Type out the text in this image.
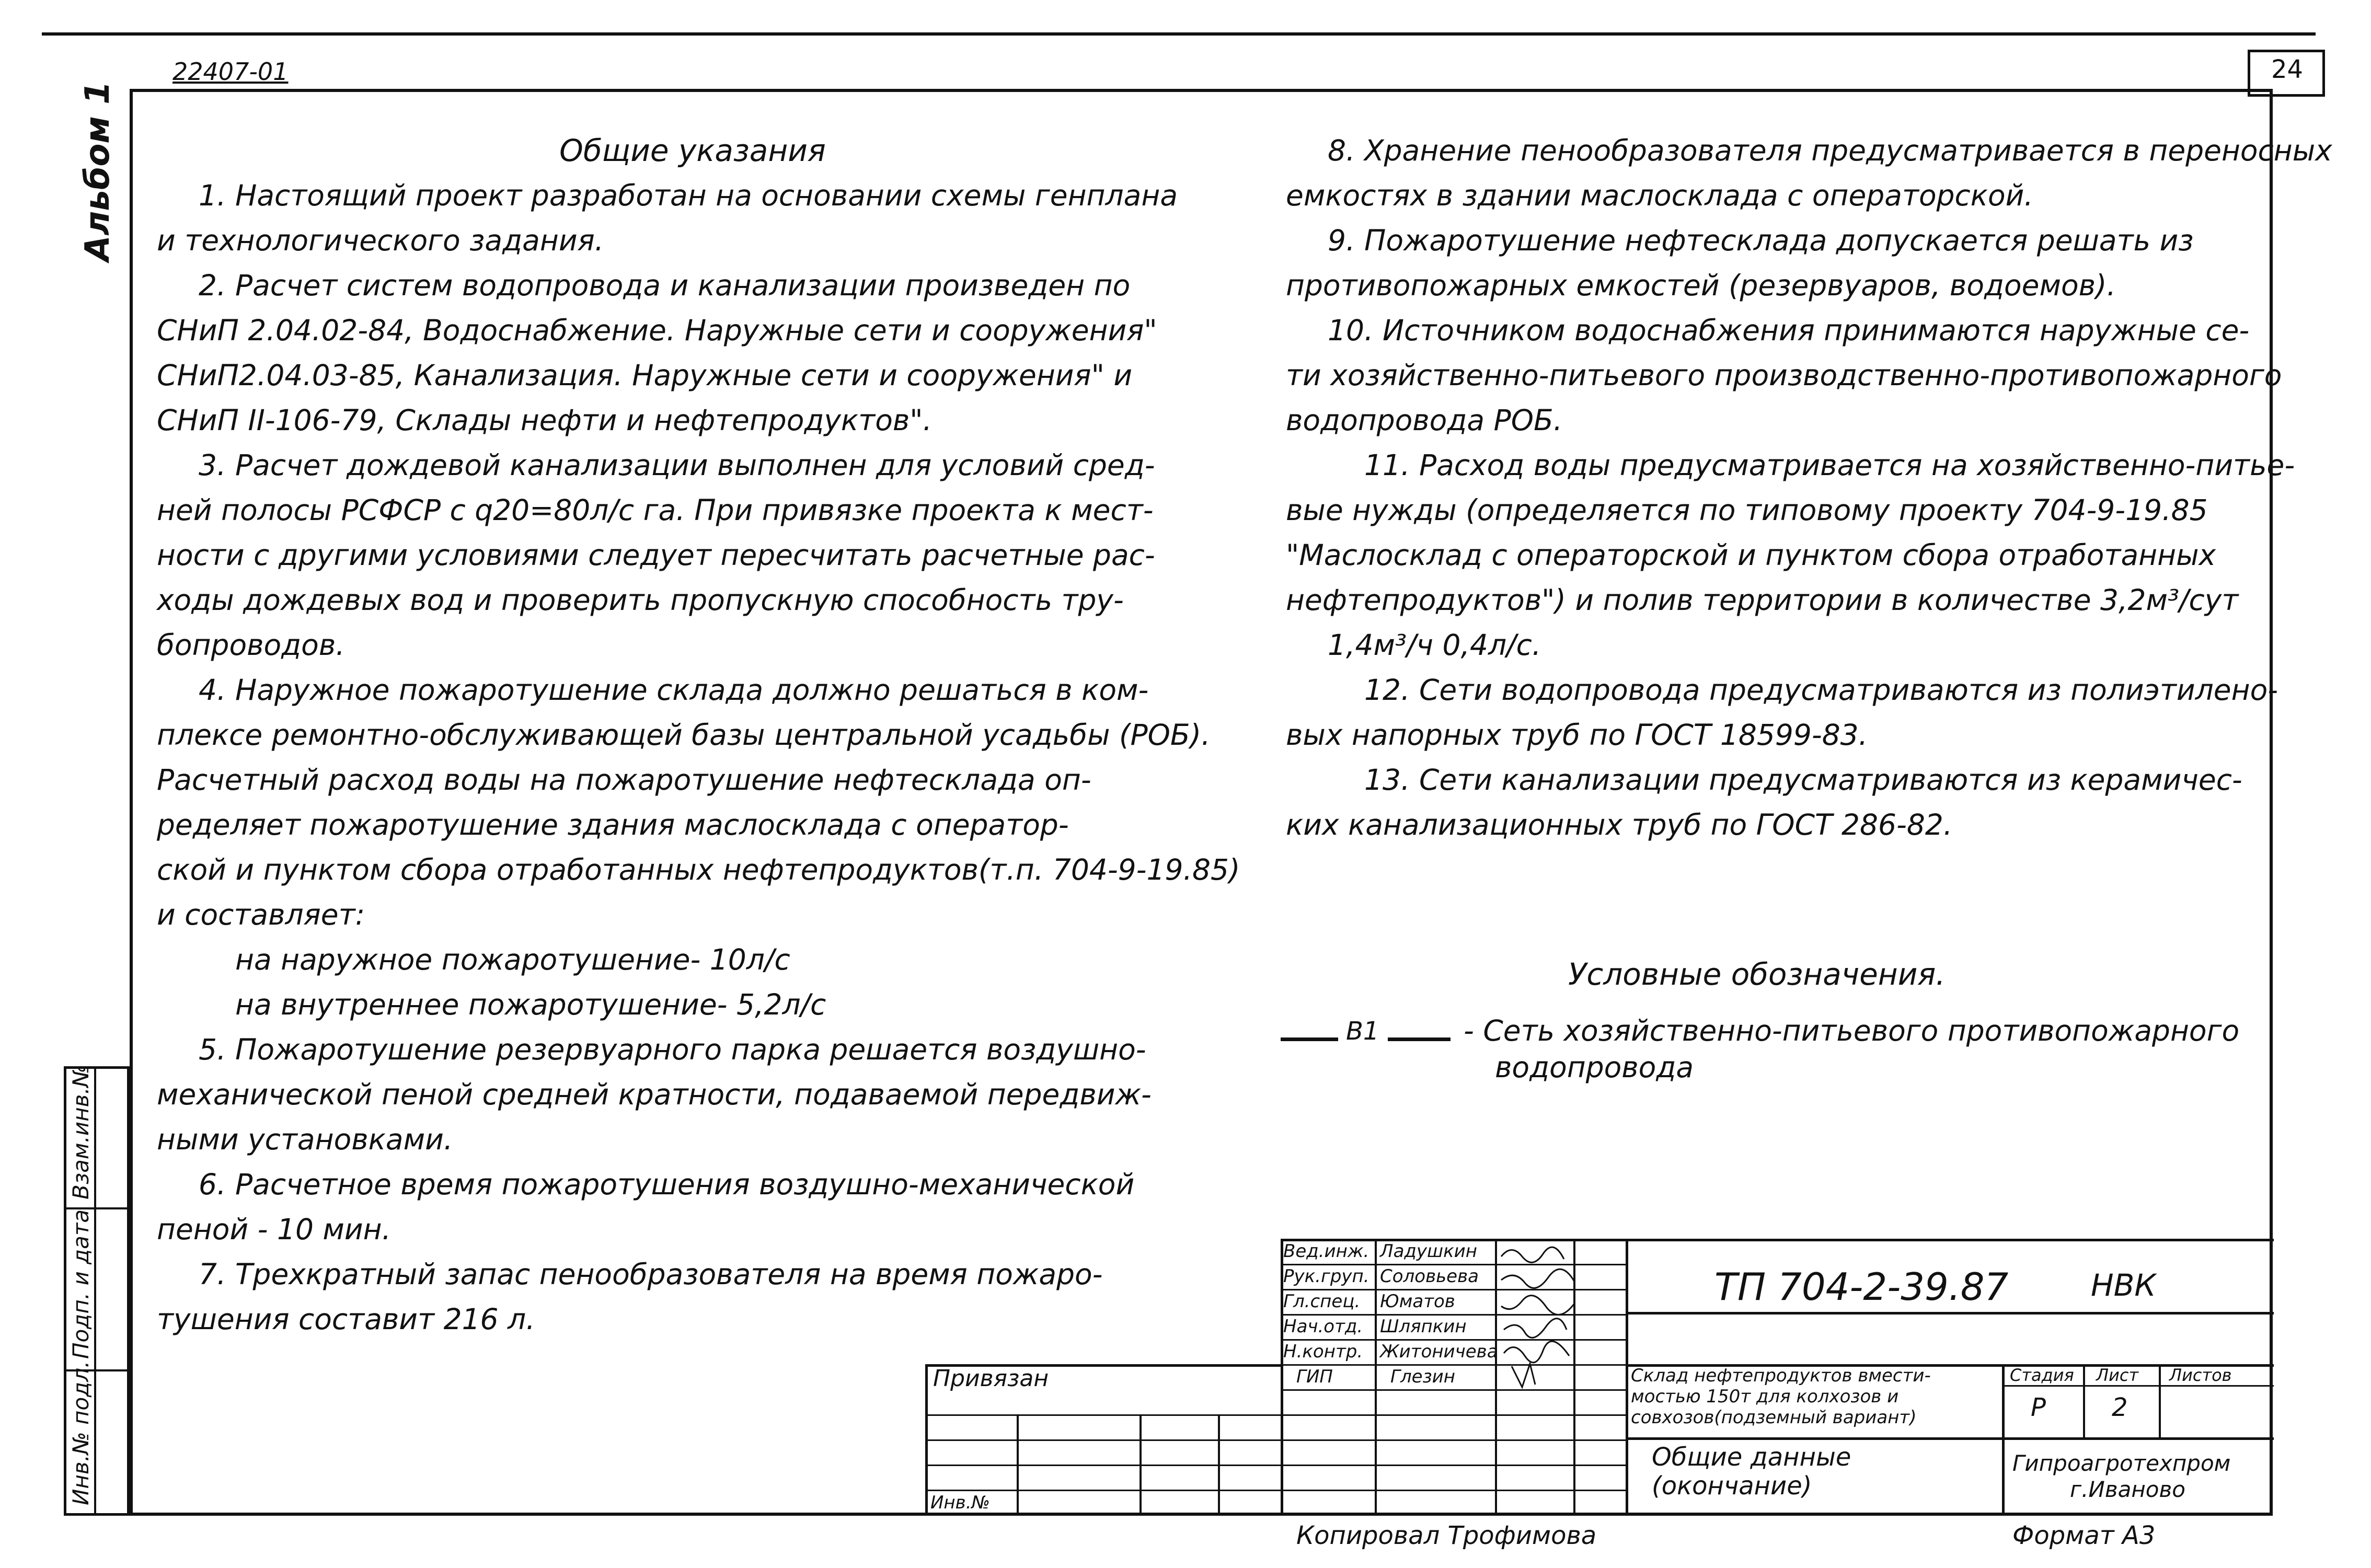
22407-01	24
Альбом 1
Инв.№ подл.
Подп. и дата
Взам.инв.№

Общие указания

1. Настоящий проект разработан на основании схемы генплана

и технологического задания.

2. Расчет систем водопровода и канализации произведен по

СНиП 2.04.02-84, Водоснабжение. Наружные сети и сооружения"

СНиП2.04.03-85, Канализация. Наружные сети и сооружения" и

СНиП II-106-79, Склады нефти и нефтепродуктов".

3. Расчет дождевой канализации выполнен для условий сред-

ней полосы РСФСР с q20=80л/с га. При привязке проекта к мест-

ности с другими условиями следует пересчитать расчетные рас-

ходы дождевых вод и проверить пропускную способность тру-

бопроводов.

4. Наружное пожаротушение склада должно решаться в ком-

плексе ремонтно-обслуживающей базы центральной усадьбы (РОБ).

Расчетный расход воды на пожаротушение нефтесклада оп-

ределяет пожаротушение здания маслосклада с оператор-

ской и пунктом сбора отработанных нефтепродуктов(т.п. 704-9-19.85)

и составляет:

на наружное пожаротушение- 10л/с

на внутреннее пожаротушение- 5,2л/с

5. Пожаротушение резервуарного парка решается воздушно-

механической пеной средней кратности, подаваемой передвиж-

ными установками.

6. Расчетное время пожаротушения воздушно-механической

пеной - 10 мин.

7. Трехкратный запас пенообразователя на время пожаро-

тушения составит 216 л.

8. Хранение пенообразователя предусматривается в переносных

емкостях в здании маслосклада с операторской.

9. Пожаротушение нефтесклада допускается решать из

противопожарных емкостей (резервуаров, водоемов).

10. Источником водоснабжения принимаются наружные се-

ти хозяйственно-питьевого производственно-противопожарного

водопровода РОБ.

11. Расход воды предусматривается на хозяйственно-питье-

вые нужды (определяется по типовому проекту 704-9-19.85

"Маслосклад с операторской и пунктом сбора отработанных

нефтепродуктов") и полив территории в количестве 3,2м³/сут

1,4м³/ч 0,4л/с.

12. Сети водопровода предусматриваются из полиэтилено-

вых напорных труб по ГОСТ 18599-83.

13. Сети канализации предусматриваются из керамичес-

ких канализационных труб по ГОСТ 286-82.

Условные обозначения.
B1	- Сеть хозяйственно-питьевого противопожарного
водопровода
Привязан
Инв.№
Вед.инж. Ладушкин
Рук.груп. Соловьева
Гл.спец. Юматов
Нач.отд. Шляпкин
Н.контр. Житоничева
ГИП	Глезин
ТП 704-2-39.87	НВК
Склад нефтепродуктов вмести-
мостью 150т для колхозов и
совхозов(подземный вариант)
Стадия Лист Листов
Р	2
Общие данные
(окончание)
Гипроагротехпром
г.Иваново
Копировал Трофимова	Формат А3
